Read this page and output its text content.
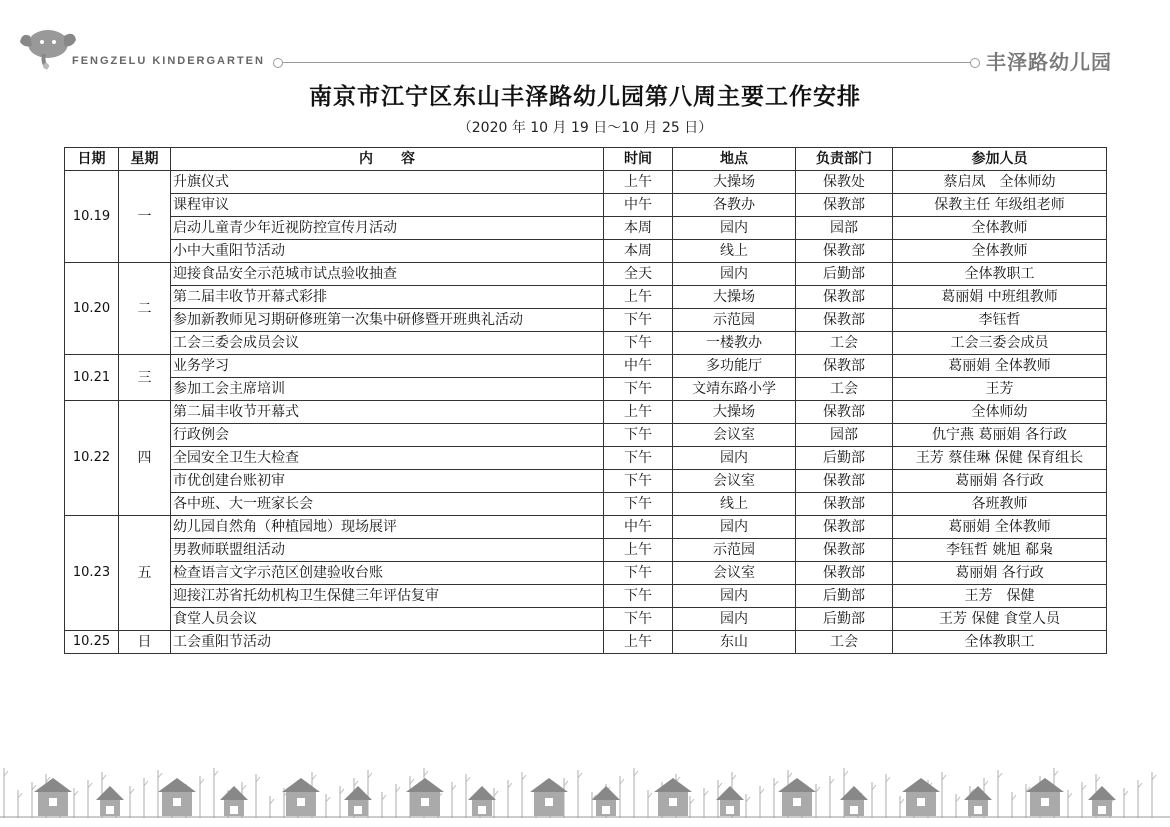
FENGZELU KINDERGARTEN	丰泽路幼儿园
南京市江宁区东山丰泽路幼儿园第八周主要工作安排
（2020 年 10 月 19 日～10 月 25 日）
日期	星期	内　　容	时间	地点	负责部门	参加人员
10.19	一	升旗仪式	上午	大操场	保教处	蔡启凤　全体师幼
		课程审议	中午	各教办	保教部	保教主任 年级组老师
		启动儿童青少年近视防控宣传月活动	本周	园内	园部	全体教师
		小中大重阳节活动	本周	线上	保教部	全体教师
10.20	二	迎接食品安全示范城市试点验收抽查	全天	园内	后勤部	全体教职工
		第二届丰收节开幕式彩排	上午	大操场	保教部	葛丽娟 中班组教师
		参加新教师见习期研修班第一次集中研修暨开班典礼活动	下午	示范园	保教部	李钰哲
		工会三委会成员会议	下午	一楼教办	工会	工会三委会成员
10.21	三	业务学习	中午	多功能厅	保教部	葛丽娟 全体教师
		参加工会主席培训	下午	文靖东路小学	工会	王芳
10.22	四	第二届丰收节开幕式	上午	大操场	保教部	全体师幼
		行政例会	下午	会议室	园部	仇宁燕 葛丽娟 各行政
		全园安全卫生大检查	下午	园内	后勤部	王芳 蔡佳琳 保健 保育组长
		市优创建台账初审	下午	会议室	保教部	葛丽娟 各行政
		各中班、大一班家长会	下午	线上	保教部	各班教师
10.23	五	幼儿园自然角（种植园地）现场展评	中午	园内	保教部	葛丽娟 全体教师
		男教师联盟组活动	上午	示范园	保教部	李钰哲 姚旭 郗枭
		检查语言文字示范区创建验收台账	下午	会议室	保教部	葛丽娟 各行政
		迎接江苏省托幼机构卫生保健三年评估复审	下午	园内	后勤部	王芳　保健
		食堂人员会议	下午	园内	后勤部	王芳 保健 食堂人员
10.25	日	工会重阳节活动	上午	东山	工会	全体教职工
